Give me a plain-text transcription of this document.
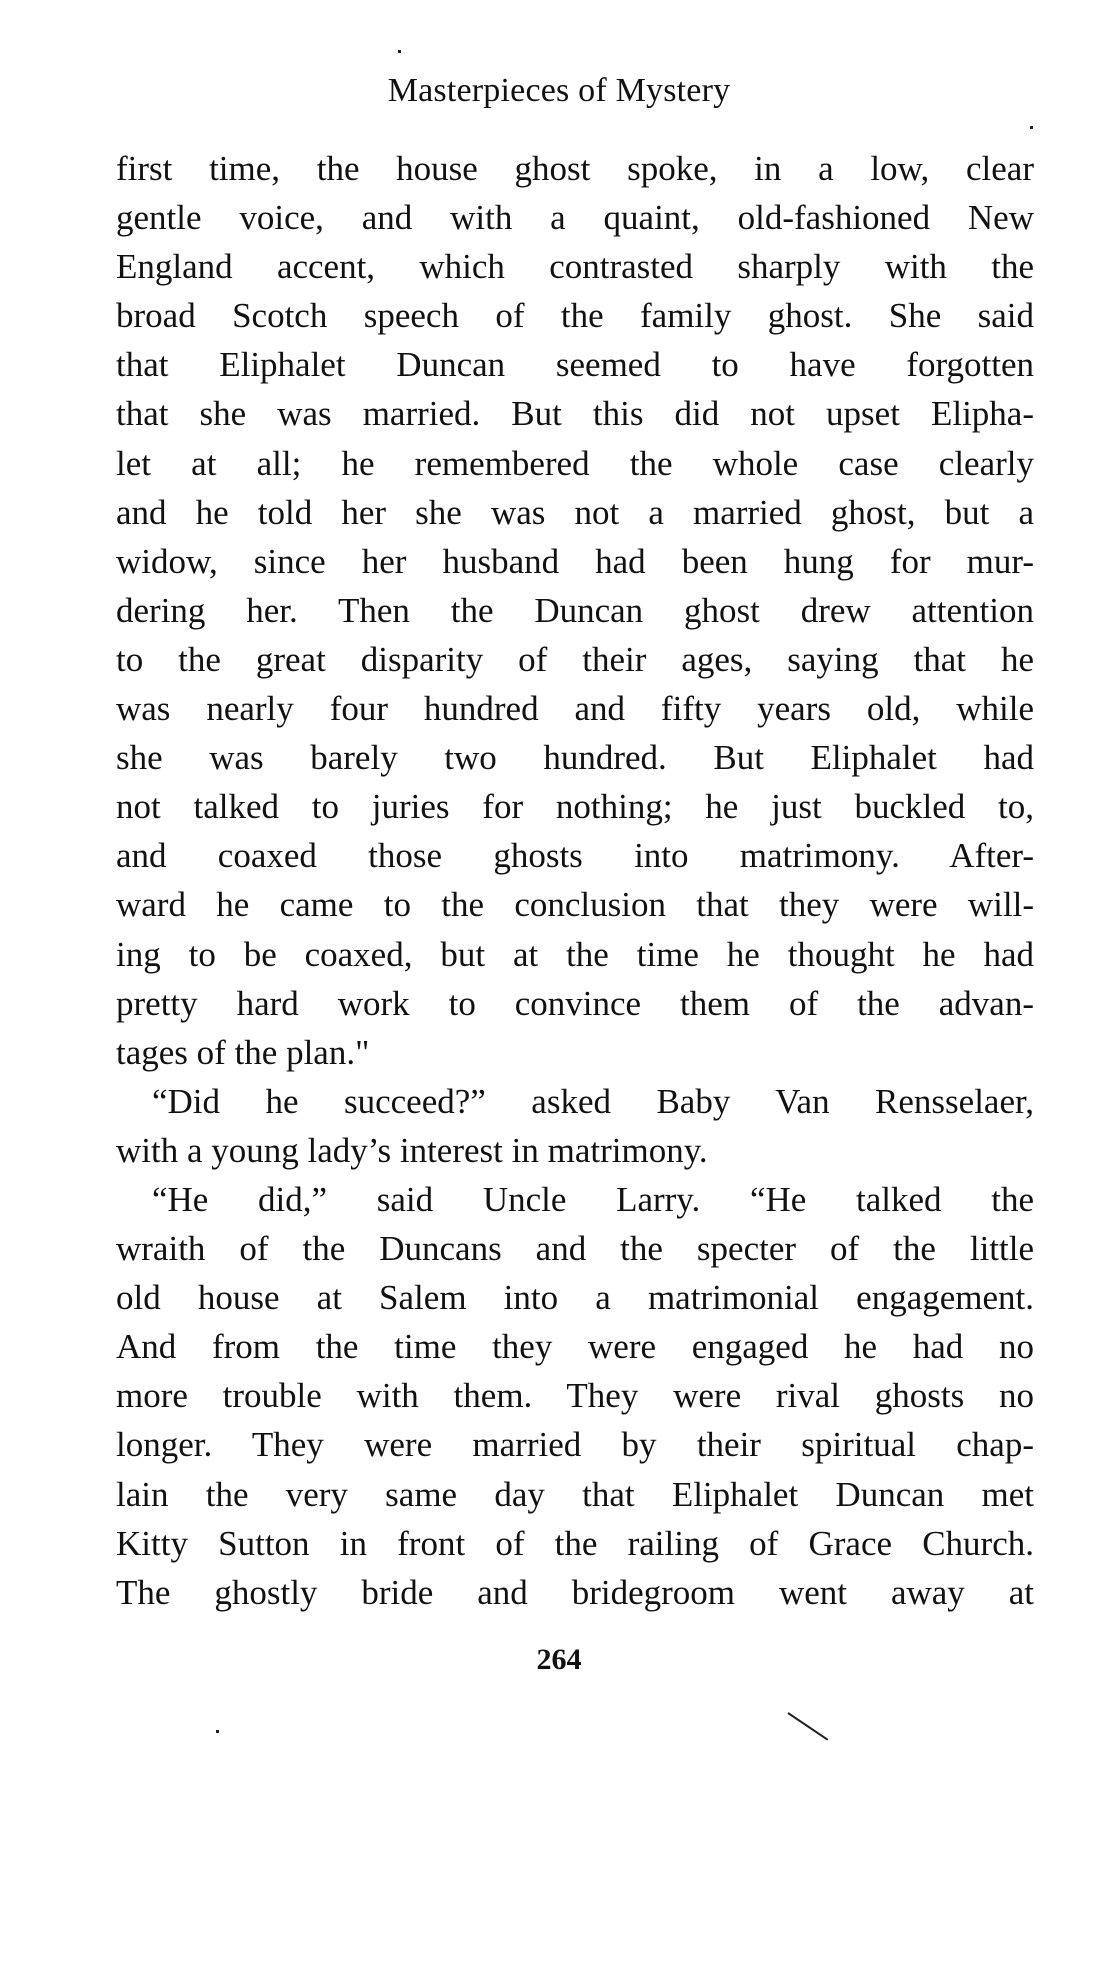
Masterpieces of Mystery
first time, the house ghost spoke, in a low, clear
gentle voice, and with a quaint, old-fashioned New
England accent, which contrasted sharply with the
broad Scotch speech of the family ghost. She said
that Eliphalet Duncan seemed to have forgotten
that she was married. But this did not upset Elipha-
let at all; he remembered the whole case clearly
and he told her she was not a married ghost, but a
widow, since her husband had been hung for mur-
dering her. Then the Duncan ghost drew attention
to the great disparity of their ages, saying that he
was nearly four hundred and fifty years old, while
she was barely two hundred. But Eliphalet had
not talked to juries for nothing; he just buckled to,
and coaxed those ghosts into matrimony. After-
ward he came to the conclusion that they were will-
ing to be coaxed, but at the time he thought he had
pretty hard work to convince them of the advan-
tages of the plan."
“Did he succeed?” asked Baby Van Rensselaer,
with a young lady’s interest in matrimony.
“He did,” said Uncle Larry. “He talked the
wraith of the Duncans and the specter of the little
old house at Salem into a matrimonial engagement.
And from the time they were engaged he had no
more trouble with them. They were rival ghosts no
longer. They were married by their spiritual chap-
lain the very same day that Eliphalet Duncan met
Kitty Sutton in front of the railing of Grace Church.
The ghostly bride and bridegroom went away at
264
